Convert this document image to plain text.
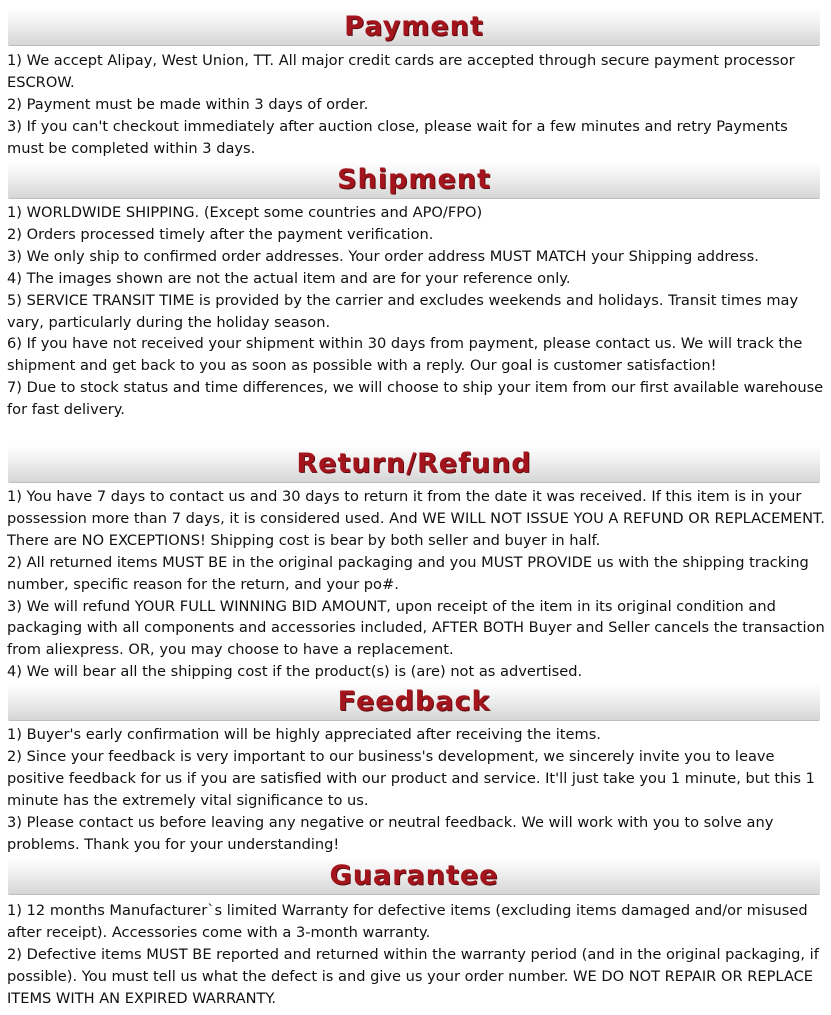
Payment

1) We accept Alipay, West Union, TT. All major credit cards are accepted through secure payment processor ESCROW.

2) Payment must be made within 3 days of order.

3) If you can't checkout immediately after auction close, please wait for a few minutes and retry Payments must be completed within 3 days.

Shipment

1) WORLDWIDE SHIPPING. (Except some countries and APO/FPO)

2) Orders processed timely after the payment verification.

3) We only ship to confirmed order addresses. Your order address MUST MATCH your Shipping address.

4) The images shown are not the actual item and are for your reference only.

5) SERVICE TRANSIT TIME is provided by the carrier and excludes weekends and holidays. Transit times may vary, particularly during the holiday season.

6) If you have not received your shipment within 30 days from payment, please contact us. We will track the shipment and get back to you as soon as possible with a reply. Our goal is customer satisfaction!

7) Due to stock status and time differences, we will choose to ship your item from our first available warehouse for fast delivery.

Return/Refund

1) You have 7 days to contact us and 30 days to return it from the date it was received. If this item is in your possession more than 7 days, it is considered used. And WE WILL NOT ISSUE YOU A REFUND OR REPLACEMENT. There are NO EXCEPTIONS! Shipping cost is bear by both seller and buyer in half.

2) All returned items MUST BE in the original packaging and you MUST PROVIDE us with the shipping tracking number, specific reason for the return, and your po#.

3) We will refund YOUR FULL WINNING BID AMOUNT, upon receipt of the item in its original condition and packaging with all components and accessories included, AFTER BOTH Buyer and Seller cancels the transaction from aliexpress. OR, you may choose to have a replacement.

4) We will bear all the shipping cost if the product(s) is (are) not as advertised.

Feedback

1) Buyer's early confirmation will be highly appreciated after receiving the items.

2) Since your feedback is very important to our business's development, we sincerely invite you to leave positive feedback for us if you are satisfied with our product and service. It'll just take you 1 minute, but this 1 minute has the extremely vital significance to us.

3) Please contact us before leaving any negative or neutral feedback. We will work with you to solve any problems. Thank you for your understanding!

Guarantee

1) 12 months Manufacturer`s limited Warranty for defective items (excluding items damaged and/or misused after receipt). Accessories come with a 3-month warranty.

2) Defective items MUST BE reported and returned within the warranty period (and in the original packaging, if possible). You must tell us what the defect is and give us your order number. WE DO NOT REPAIR OR REPLACE ITEMS WITH AN EXPIRED WARRANTY.
